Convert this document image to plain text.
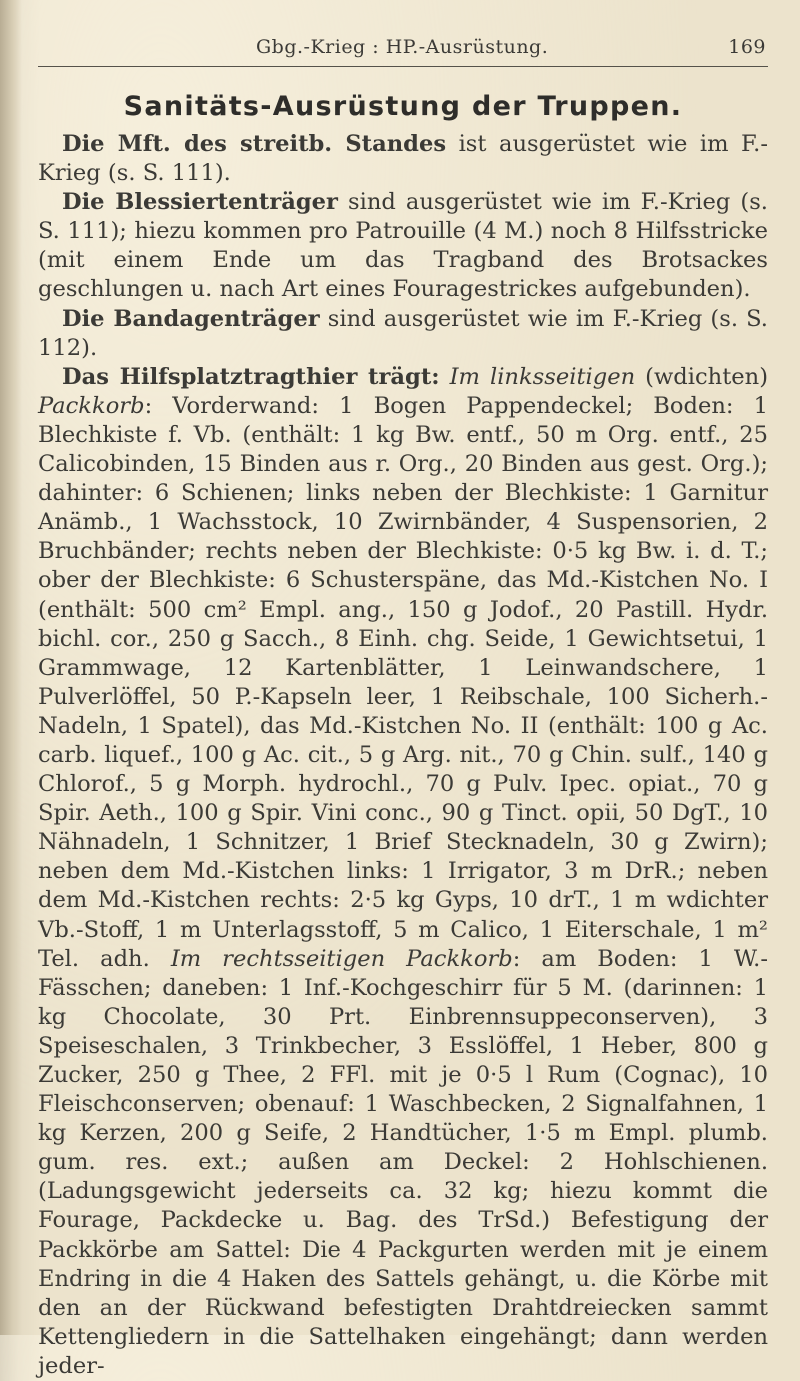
Gbg.-Krieg : HP.-Ausrüstung.	169
Sanitäts-Ausrüstung der Truppen.

Die Mft. des streitb. Standes ist ausgerüstet wie im F.-Krieg (s. S. 111).

Die Blessiertenträger sind ausgerüstet wie im F.-Krieg (s. S. 111); hiezu kommen pro Patrouille (4 M.) noch 8 Hilfsstricke (mit einem Ende um das Tragband des Brotsackes geschlungen u. nach Art eines Fouragestrickes aufgebunden).

Die Bandagenträger sind ausgerüstet wie im F.-Krieg (s. S. 112).

Das Hilfsplatztragthier trägt: Im linksseitigen (wdichten) Packkorb: Vorderwand: 1 Bogen Pappendeckel; Boden: 1 Blechkiste f. Vb. (enthält: 1 kg Bw. entf., 50 m Org. entf., 25 Calicobinden, 15 Binden aus r. Org., 20 Binden aus gest. Org.); dahinter: 6 Schienen; links neben der Blechkiste: 1 Garnitur Anämb., 1 Wachsstock, 10 Zwirnbänder, 4 Suspensorien, 2 Bruchbänder; rechts neben der Blechkiste: 0·5 kg Bw. i. d. T.; ober der Blechkiste: 6 Schusterspäne, das Md.-Kistchen No. I (enthält: 500 cm² Empl. ang., 150 g Jodof., 20 Pastill. Hydr. bichl. cor., 250 g Sacch., 8 Einh. chg. Seide, 1 Gewichtsetui, 1 Grammwage, 12 Kartenblätter, 1 Leinwandschere, 1 Pulverlöffel, 50 P.-Kapseln leer, 1 Reibschale, 100 Sicherh.-Nadeln, 1 Spatel), das Md.-Kistchen No. II (enthält: 100 g Ac. carb. liquef., 100 g Ac. cit., 5 g Arg. nit., 70 g Chin. sulf., 140 g Chlorof., 5 g Morph. hydrochl., 70 g Pulv. Ipec. opiat., 70 g Spir. Aeth., 100 g Spir. Vini conc., 90 g Tinct. opii, 50 DgT., 10 Nähnadeln, 1 Schnitzer, 1 Brief Stecknadeln, 30 g Zwirn); neben dem Md.-Kistchen links: 1 Irrigator, 3 m DrR.; neben dem Md.-Kistchen rechts: 2·5 kg Gyps, 10 drT., 1 m wdichter Vb.-Stoff, 1 m Unterlagsstoff, 5 m Calico, 1 Eiterschale, 1 m² Tel. adh. Im rechtsseitigen Packkorb: am Boden: 1 W.-Fässchen; daneben: 1 Inf.-Kochgeschirr für 5 M. (darinnen: 1 kg Chocolate, 30 Prt. Einbrennsuppeconserven), 3 Speiseschalen, 3 Trinkbecher, 3 Esslöffel, 1 Heber, 800 g Zucker, 250 g Thee, 2 FFl. mit je 0·5 l Rum (Cognac), 10 Fleischconserven; obenauf: 1 Waschbecken, 2 Signalfahnen, 1 kg Kerzen, 200 g Seife, 2 Handtücher, 1·5 m Empl. plumb. gum. res. ext.; außen am Deckel: 2 Hohlschienen. (Ladungsgewicht jederseits ca. 32 kg; hiezu kommt die Fourage, Packdecke u. Bag. des TrSd.) Befestigung der Packkörbe am Sattel: Die 4 Packgurten werden mit je einem Endring in die 4 Haken des Sattels gehängt, u. die Körbe mit den an der Rückwand befestigten Drahtdreiecken sammt Kettengliedern in die Sattelhaken eingehängt; dann werden jeder-
